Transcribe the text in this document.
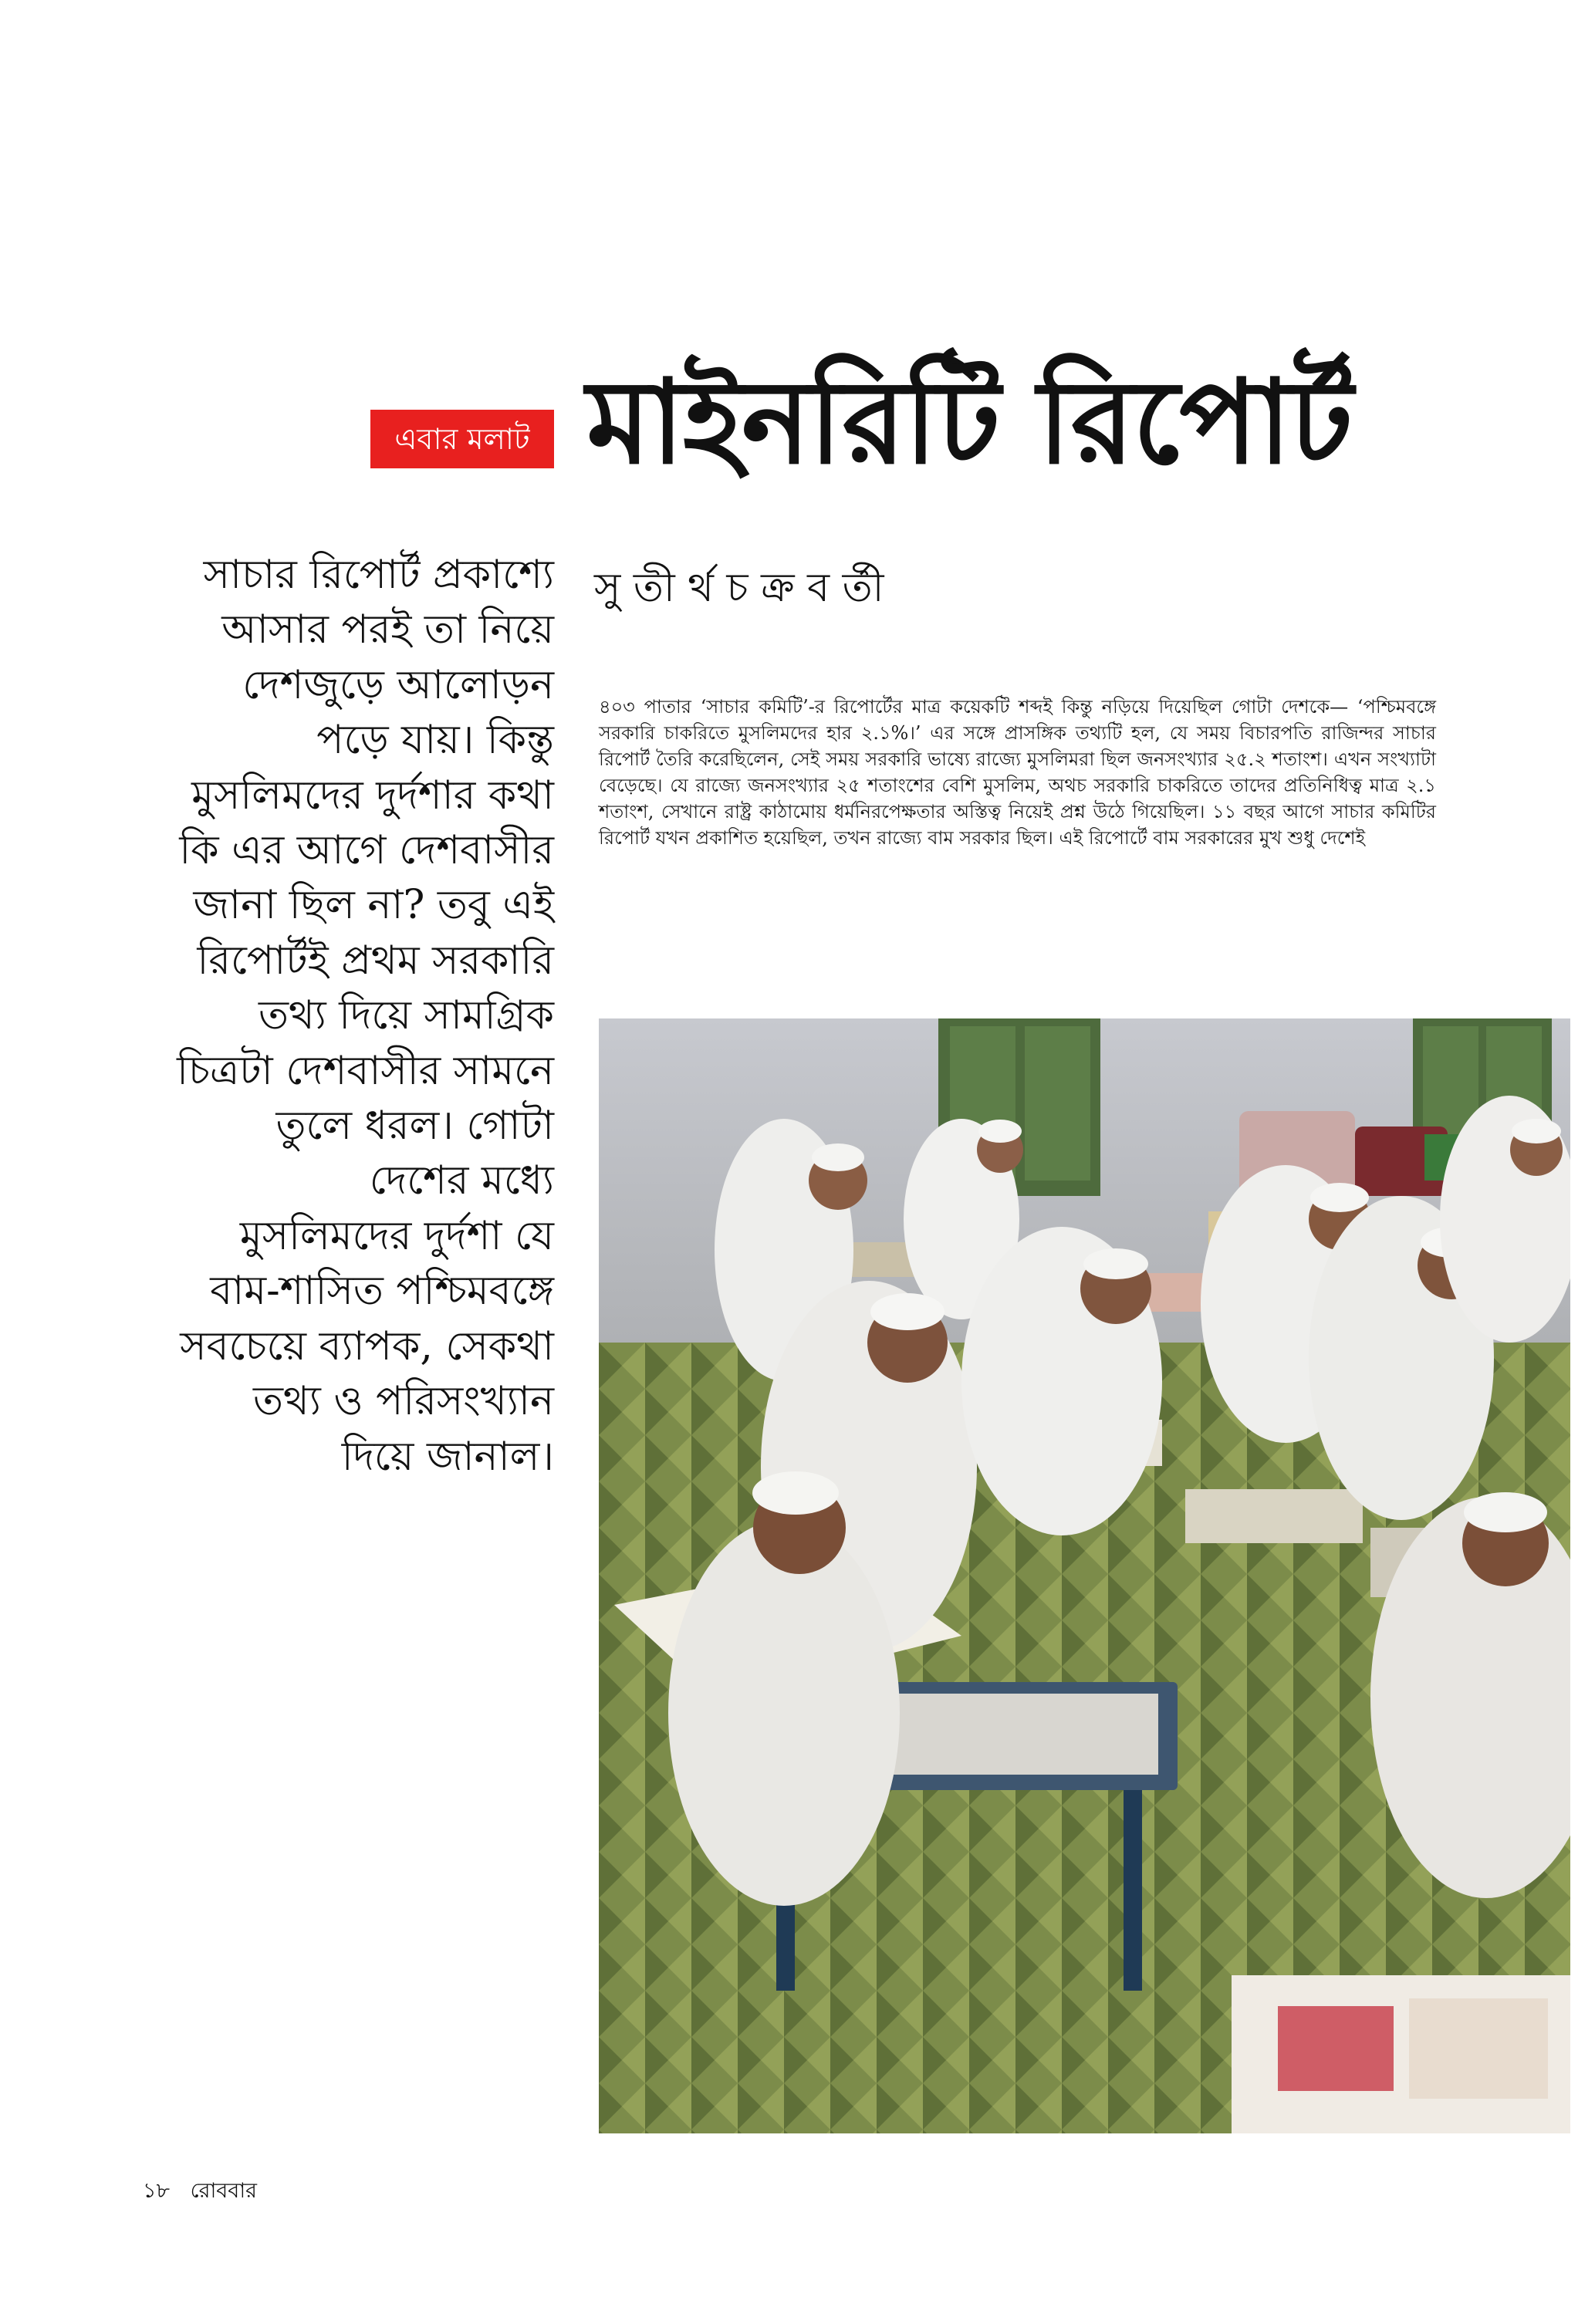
এবার মলাট মাইনরিটি রিপোর্ট
সাচার রিপোর্ট প্রকাশ্যে
আসার পরই তা নিয়ে
দেশজুড়ে আলোড়ন
পড়ে যায়। কিন্তু
মুসলিমদের দুর্দশার কথা
কি এর আগে দেশবাসীর
জানা ছিল না? তবু এই
রিপোর্টই প্রথম সরকারি
তথ্য দিয়ে সামগ্রিক
চিত্রটা দেশবাসীর সামনে
তুলে ধরল। গোটা
দেশের মধ্যে
মুসলিমদের দুর্দশা যে
বাম-শাসিত পশ্চিমবঙ্গে
সবচেয়ে ব্যাপক, সেকথা
তথ্য ও পরিসংখ্যান
দিয়ে জানাল।
সু তী র্থ চ ক্র ব র্তী
৪০৩ পাতার ‘সাচার কমিটি’-র রিপোর্টের মাত্র কয়েকটি শব্দই কিন্তু নড়িয়ে দিয়েছিল গোটা দেশকে— ‘পশ্চিমবঙ্গে সরকারি চাকরিতে মুসলিমদের হার ২.১%।’ এর সঙ্গে প্রাসঙ্গিক তথ্যটি হল, যে সময় বিচারপতি রাজিন্দর সাচার রিপোর্ট তৈরি করেছিলেন, সেই সময় সরকারি ভাষ্যে রাজ্যে মুসলিমরা ছিল জনসংখ্যার ২৫.২ শতাংশ। এখন সংখ্যাটা বেড়েছে। যে রাজ্যে জনসংখ্যার ২৫ শতাংশের বেশি মুসলিম, অথচ সরকারি চাকরিতে তাদের প্রতিনিধিত্ব মাত্র ২.১ শতাংশ, সেখানে রাষ্ট্র কাঠামোয় ধর্মনিরপেক্ষতার অস্তিত্ব নিয়েই প্রশ্ন উঠে গিয়েছিল। ১১ বছর আগে সাচার কমিটির রিপোর্ট যখন প্রকাশিত হয়েছিল, তখন রাজ্যে বাম সরকার ছিল। এই রিপোর্টে বাম সরকারের মুখ শুধু দেশেই
১৮ রোববার
